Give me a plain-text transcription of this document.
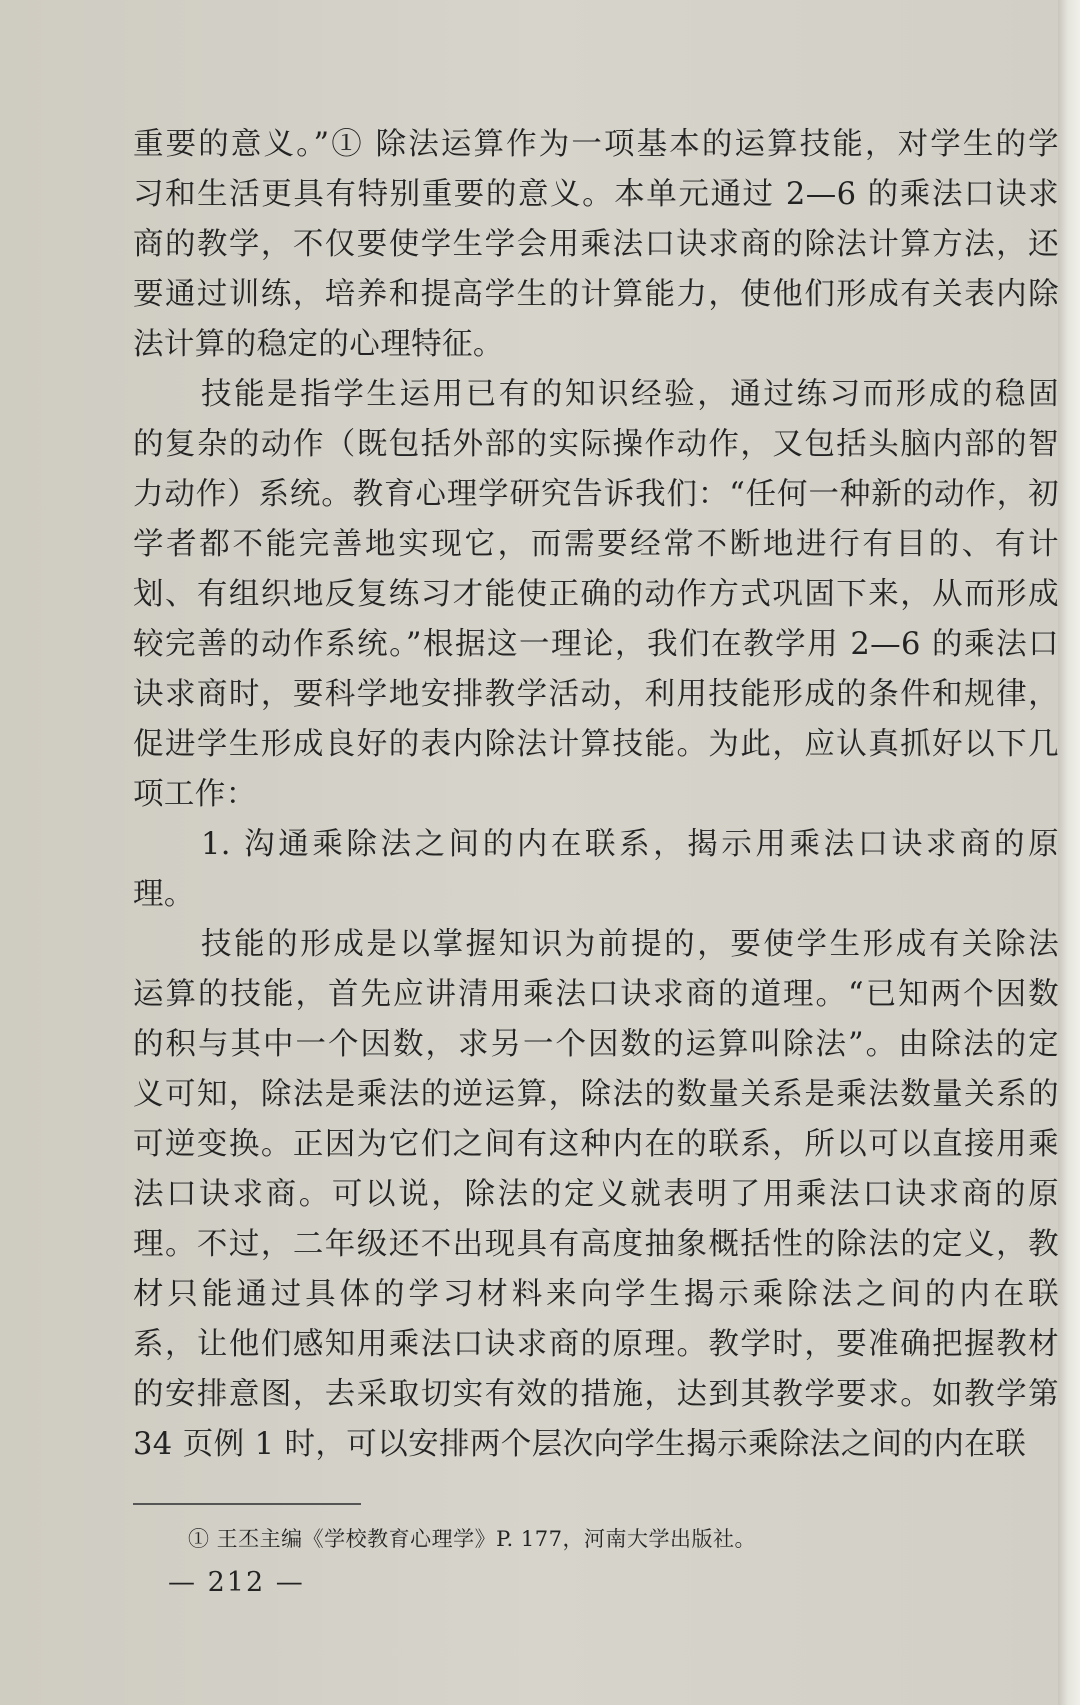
重要的意义。”① 除法运算作为一项基本的运算技能，对学生的学
习和生活更具有特别重要的意义。本单元通过 2—6 的乘法口诀求
商的教学，不仅要使学生学会用乘法口诀求商的除法计算方法，还
要通过训练，培养和提高学生的计算能力，使他们形成有关表内除
法计算的稳定的心理特征。
技能是指学生运用已有的知识经验，通过练习而形成的稳固
的复杂的动作（既包括外部的实际操作动作，又包括头脑内部的智
力动作）系统。教育心理学研究告诉我们：“任何一种新的动作，初
学者都不能完善地实现它，而需要经常不断地进行有目的、有计
划、有组织地反复练习才能使正确的动作方式巩固下来，从而形成
较完善的动作系统。”根据这一理论，我们在教学用 2—6 的乘法口
诀求商时，要科学地安排教学活动，利用技能形成的条件和规律，
促进学生形成良好的表内除法计算技能。为此，应认真抓好以下几
项工作：
1. 沟通乘除法之间的内在联系，揭示用乘法口诀求商的原
理。
技能的形成是以掌握知识为前提的，要使学生形成有关除法
运算的技能，首先应讲清用乘法口诀求商的道理。“已知两个因数
的积与其中一个因数，求另一个因数的运算叫除法”。由除法的定
义可知，除法是乘法的逆运算，除法的数量关系是乘法数量关系的
可逆变换。正因为它们之间有这种内在的联系，所以可以直接用乘
法口诀求商。可以说，除法的定义就表明了用乘法口诀求商的原
理。不过，二年级还不出现具有高度抽象概括性的除法的定义，教
材只能通过具体的学习材料来向学生揭示乘除法之间的内在联
系，让他们感知用乘法口诀求商的原理。教学时，要准确把握教材
的安排意图，去采取切实有效的措施，达到其教学要求。如教学第
34 页例 1 时，可以安排两个层次向学生揭示乘除法之间的内在联
① 王丕主编《学校教育心理学》P. 177，河南大学出版社。
— 212 —
